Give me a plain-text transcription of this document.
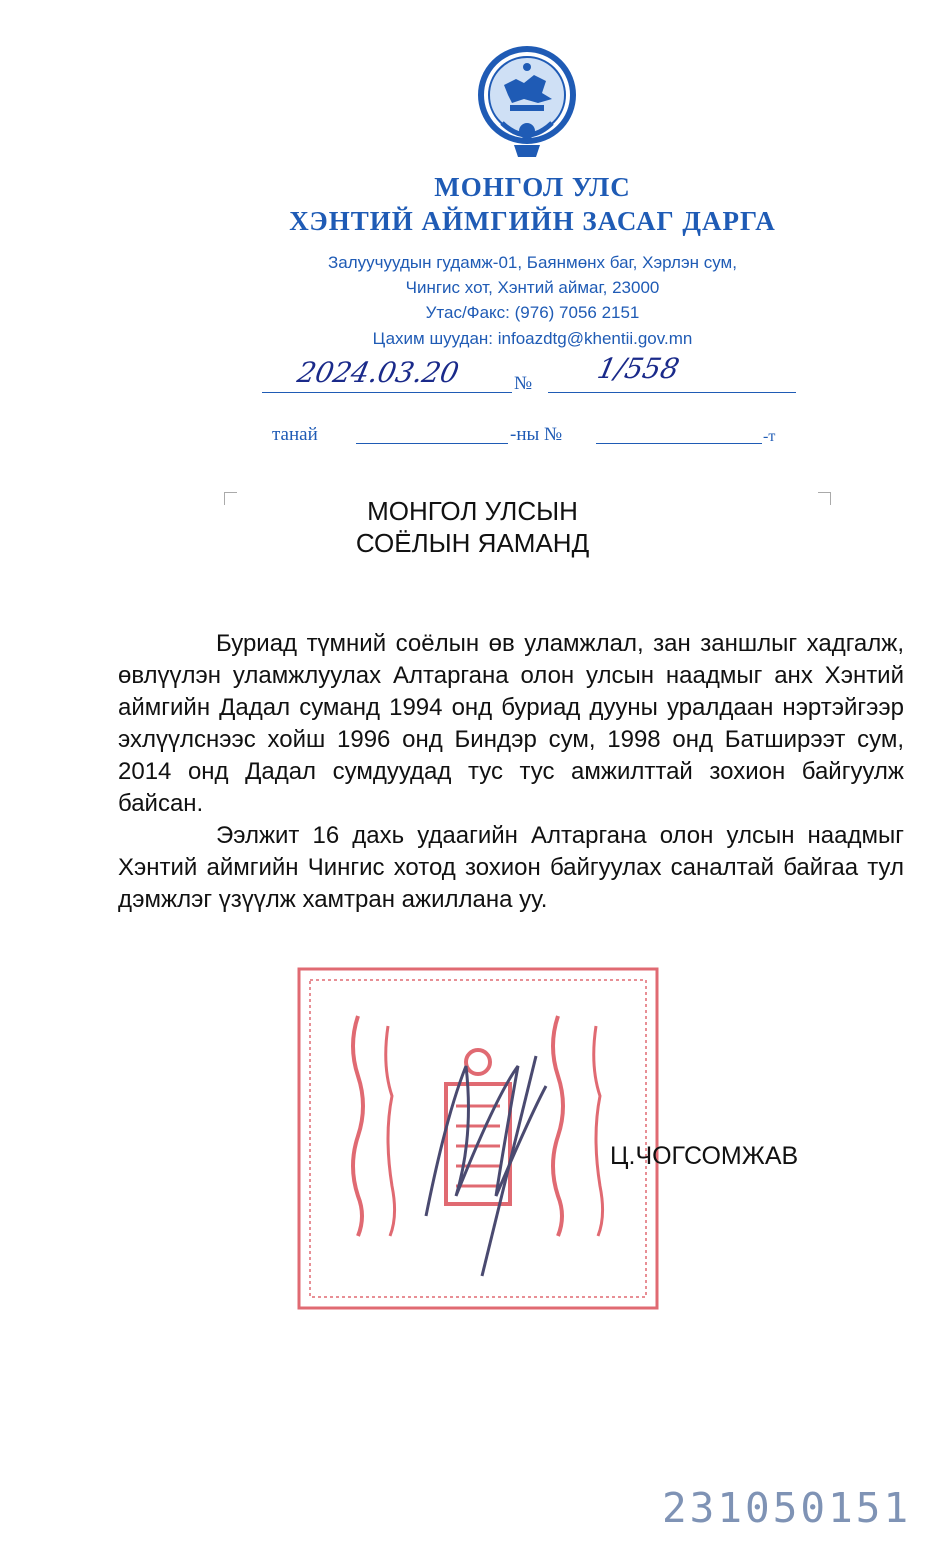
МОНГОЛ УЛС
ХЭНТИЙ АЙМГИЙН ЗАСАГ ДАРГА
Залуучуудын гудамж-01, Баянмөнх баг, Хэрлэн сум,
Чингис хот, Хэнтий аймаг, 23000
Утас/Факс: (976) 7056 2151
Цахим шуудан: infoazdtg@khentii.gov.mn
2024.03.20	№ 1/558
танай	-ны №	-т
МОНГОЛ УЛСЫН
СОЁЛЫН ЯАМАНД

Буриад түмний соёлын өв уламжлал, зан заншлыг хадгалж, өвлүүлэн уламжлуулах Алтаргана олон улсын наадмыг анх Хэнтий аймгийн Дадал суманд 1994 онд буриад дууны уралдаан нэртэйгээр эхлүүлснээс хойш 1996 онд Биндэр сум, 1998 онд Батширээт сум, 2014 онд Дадал сумдуудад тус тус амжилттай зохион байгуулж байсан.

Ээлжит 16 дахь удаагийн Алтаргана олон улсын наадмыг Хэнтий аймгийн Чингис хотод зохион байгуулах саналтай байгаа тул дэмжлэг үзүүлж хамтран ажиллана уу.

Ц.ЧОГСОМЖАВ
231050151
